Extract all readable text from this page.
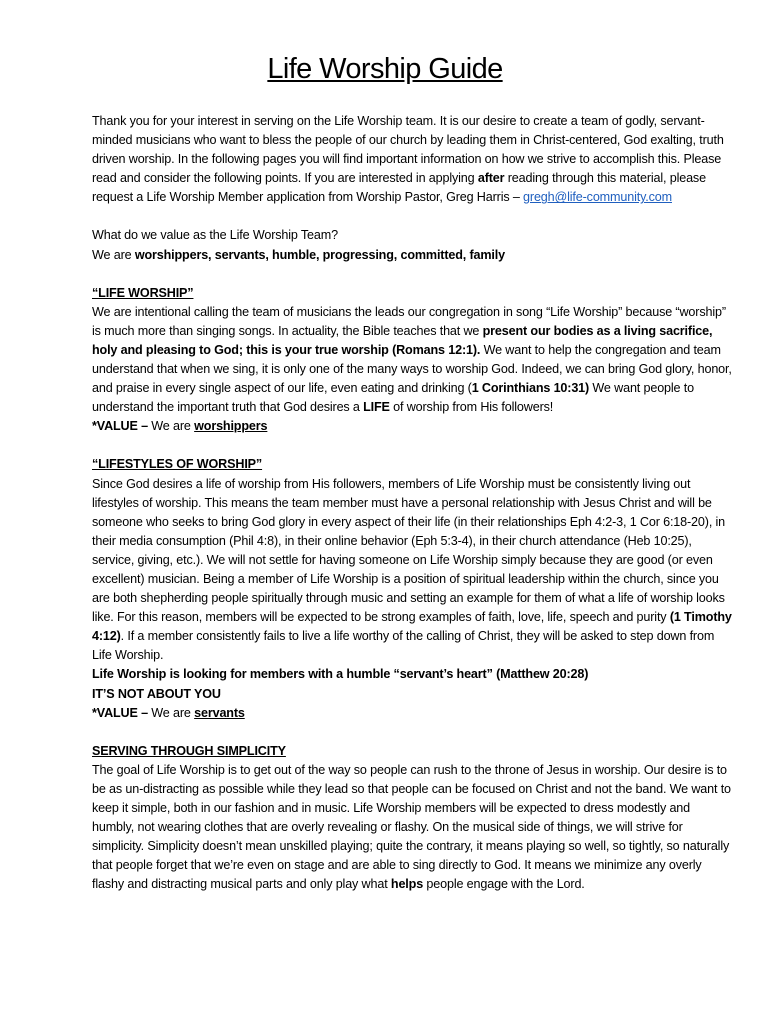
Life Worship Guide

Thank you for your interest in serving on the Life Worship team. It is our desire to create a team of godly, servant-minded musicians who want to bless the people of our church by leading them in Christ-centered, God exalting, truth driven worship. In the following pages you will find important information on how we strive to accomplish this. Please read and consider the following points. If you are interested in applying after reading through this material, please request a Life Worship Member application from Worship Pastor, Greg Harris – gregh@life-community.com

What do we value as the Life Worship Team?

We are worshippers, servants, humble, progressing, committed, family

“LIFE WORSHIP”

We are intentional calling the team of musicians the leads our congregation in song “Life Worship” because “worship” is much more than singing songs. In actuality, the Bible teaches that we present our bodies as a living sacrifice, holy and pleasing to God; this is your true worship (Romans 12:1). We want to help the congregation and team understand that when we sing, it is only one of the many ways to worship God. Indeed, we can bring God glory, honor, and praise in every single aspect of our life, even eating and drinking (1 Corinthians 10:31) We want people to understand the important truth that God desires a LIFE of worship from His followers!

*VALUE – We are worshippers

“LIFESTYLES OF WORSHIP”

Since God desires a life of worship from His followers, members of Life Worship must be consistently living out lifestyles of worship. This means the team member must have a personal relationship with Jesus Christ and will be someone who seeks to bring God glory in every aspect of their life (in their relationships Eph 4:2-3, 1 Cor 6:18-20), in their media consumption (Phil 4:8), in their online behavior (Eph 5:3-4), in their church attendance (Heb 10:25), service, giving, etc.). We will not settle for having someone on Life Worship simply because they are good (or even excellent) musician. Being a member of Life Worship is a position of spiritual leadership within the church, since you are both shepherding people spiritually through music and setting an example for them of what a life of worship looks like. For this reason, members will be expected to be strong examples of faith, love, life, speech and purity (1 Timothy 4:12). If a member consistently fails to live a life worthy of the calling of Christ, they will be asked to step down from Life Worship.

Life Worship is looking for members with a humble “servant’s heart” (Matthew 20:28)

IT’S NOT ABOUT YOU

*VALUE – We are servants

SERVING THROUGH SIMPLICITY

The goal of Life Worship is to get out of the way so people can rush to the throne of Jesus in worship. Our desire is to be as un-distracting as possible while they lead so that people can be focused on Christ and not the band. We want to keep it simple, both in our fashion and in music. Life Worship members will be expected to dress modestly and humbly, not wearing clothes that are overly revealing or flashy. On the musical side of things, we will strive for simplicity. Simplicity doesn’t mean unskilled playing; quite the contrary, it means playing so well, so tightly, so naturally that people forget that we’re even on stage and are able to sing directly to God. It means we minimize any overly flashy and distracting musical parts and only play what helps people engage with the Lord.
